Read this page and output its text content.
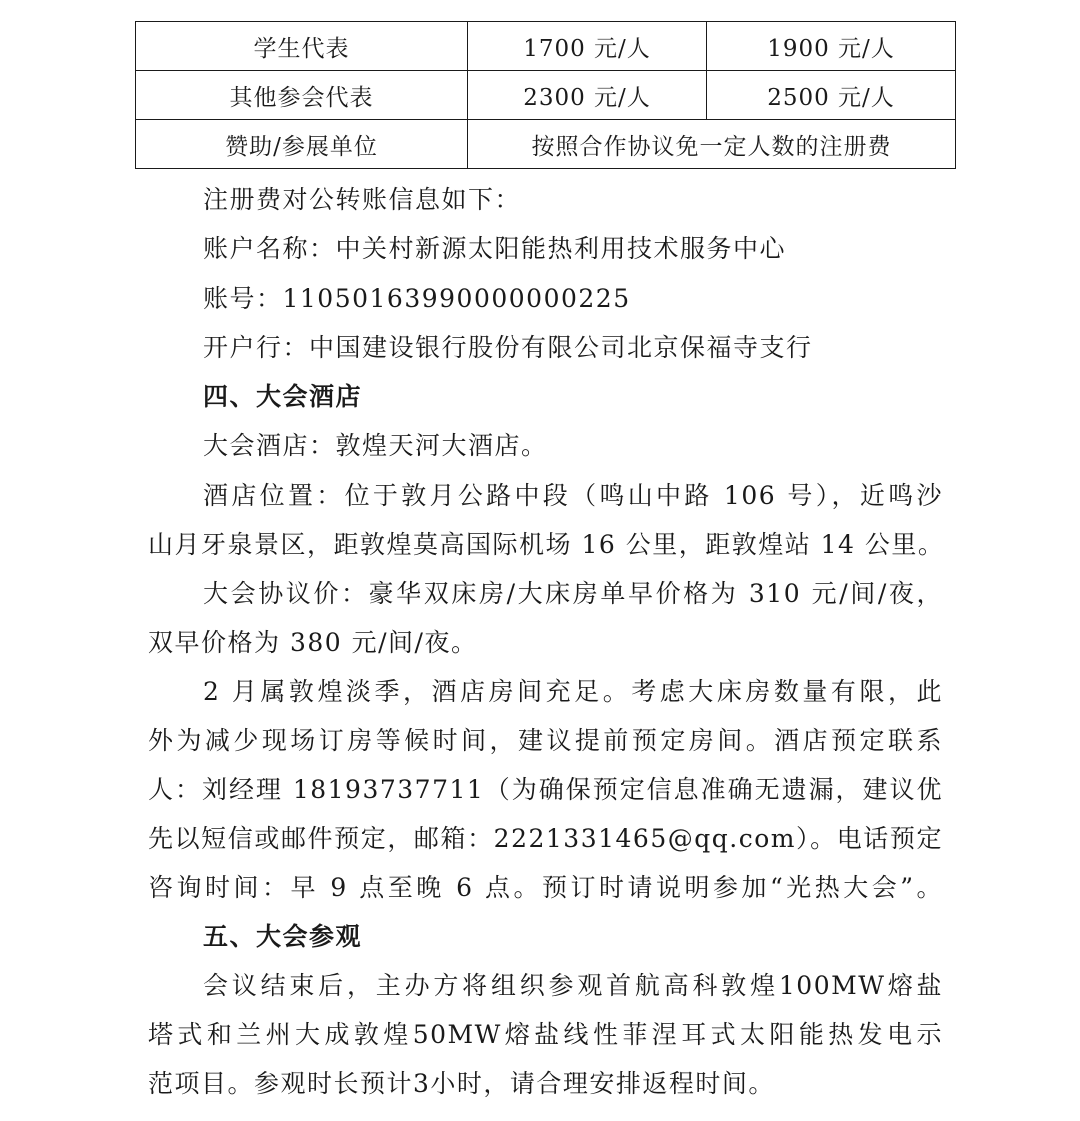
学生代表	1700 元/人	1900 元/人
其他参会代表	2300 元/人	2500 元/人
赞助/参展单位	按照合作协议免一定人数的注册费	
注册费对公转账信息如下：
账户名称：中关村新源太阳能热利用技术服务中心
账号：11050163990000000225
开户行：中国建设银行股份有限公司北京保福寺支行
四、大会酒店
大会酒店：敦煌天河大酒店。
酒店位置：位于敦月公路中段（鸣山中路 106 号），近鸣沙
山月牙泉景区，距敦煌莫高国际机场 16 公里，距敦煌站 14 公里。
大会协议价：豪华双床房/大床房单早价格为 310 元/间/夜，
双早价格为 380 元/间/夜。
2 月属敦煌淡季，酒店房间充足。考虑大床房数量有限，此
外为减少现场订房等候时间，建议提前预定房间。酒店预定联系
人：刘经理 18193737711（为确保预定信息准确无遗漏，建议优
先以短信或邮件预定，邮箱：2221331465@qq.com）。电话预定
咨询时间：早 9 点至晚 6 点。预订时请说明参加“光热大会”。
五、大会参观
会议结束后，主办方将组织参观首航高科敦煌100MW熔盐
塔式和兰州大成敦煌50MW熔盐线性菲涅耳式太阳能热发电示
范项目。参观时长预计3小时，请合理安排返程时间。
